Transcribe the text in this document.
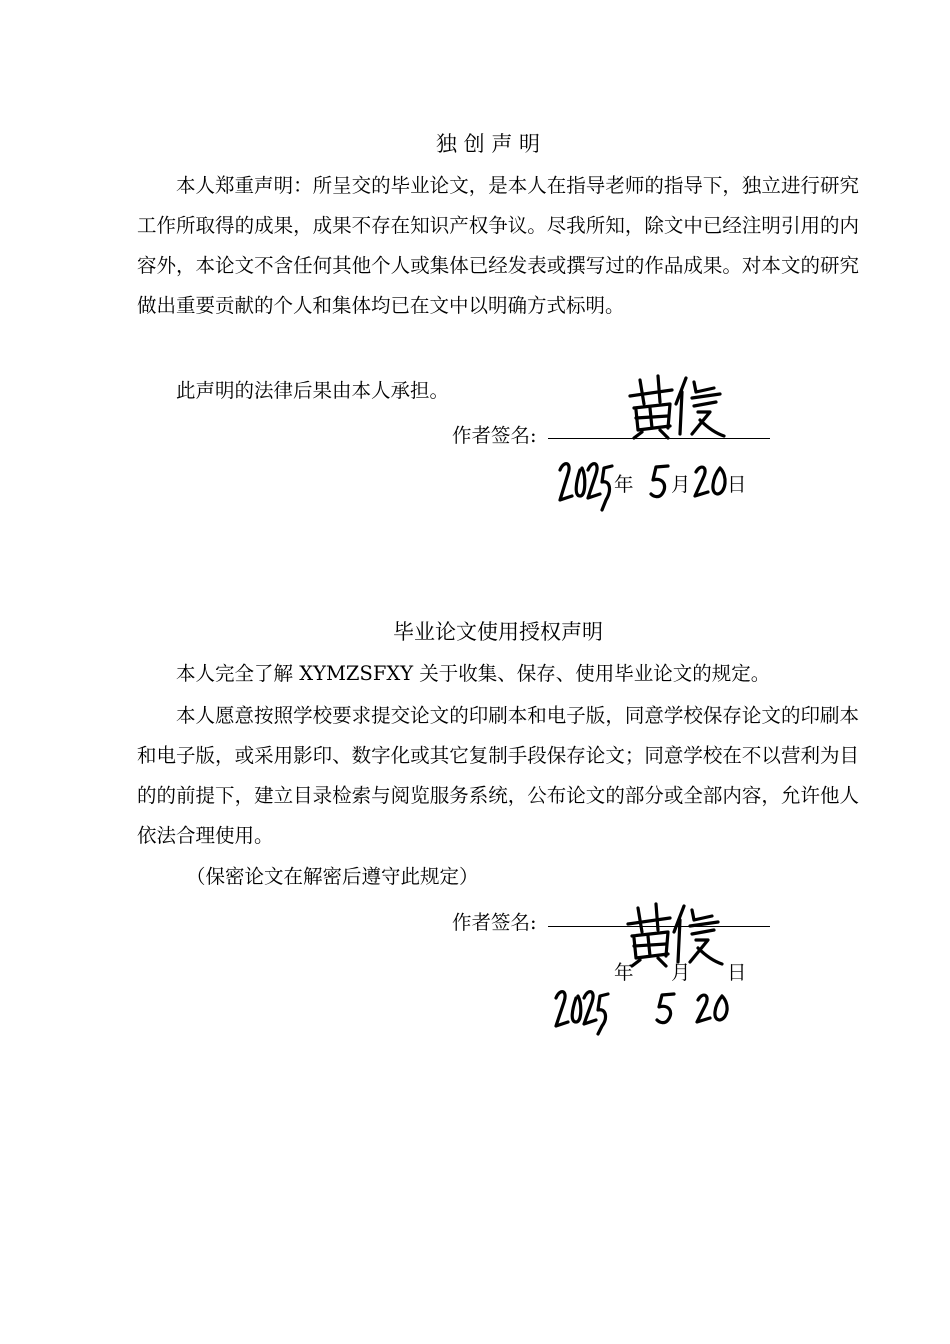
独 创 声 明
本人郑重声明：所呈交的毕业论文，是本人在指导老师的指导下，独立进行研究工作所取得的成果，成果不存在知识产权争议。尽我所知，除文中已经注明引用的内容外，本论文不含任何其他个人或集体已经发表或撰写过的作品成果。对本文的研究做出重要贡献的个人和集体均已在文中以明确方式标明。
此声明的法律后果由本人承担。
作者签名:
年 月 日
毕业论文使用授权声明
本人完全了解 XYMZSFXY 关于收集、保存、使用毕业论文的规定。
本人愿意按照学校要求提交论文的印刷本和电子版，同意学校保存论文的印刷本和电子版，或采用影印、数字化或其它复制手段保存论文；同意学校在不以营利为目的的前提下，建立目录检索与阅览服务系统，公布论文的部分或全部内容，允许他人依法合理使用。
（保密论文在解密后遵守此规定）
作者签名:
年 月 日
